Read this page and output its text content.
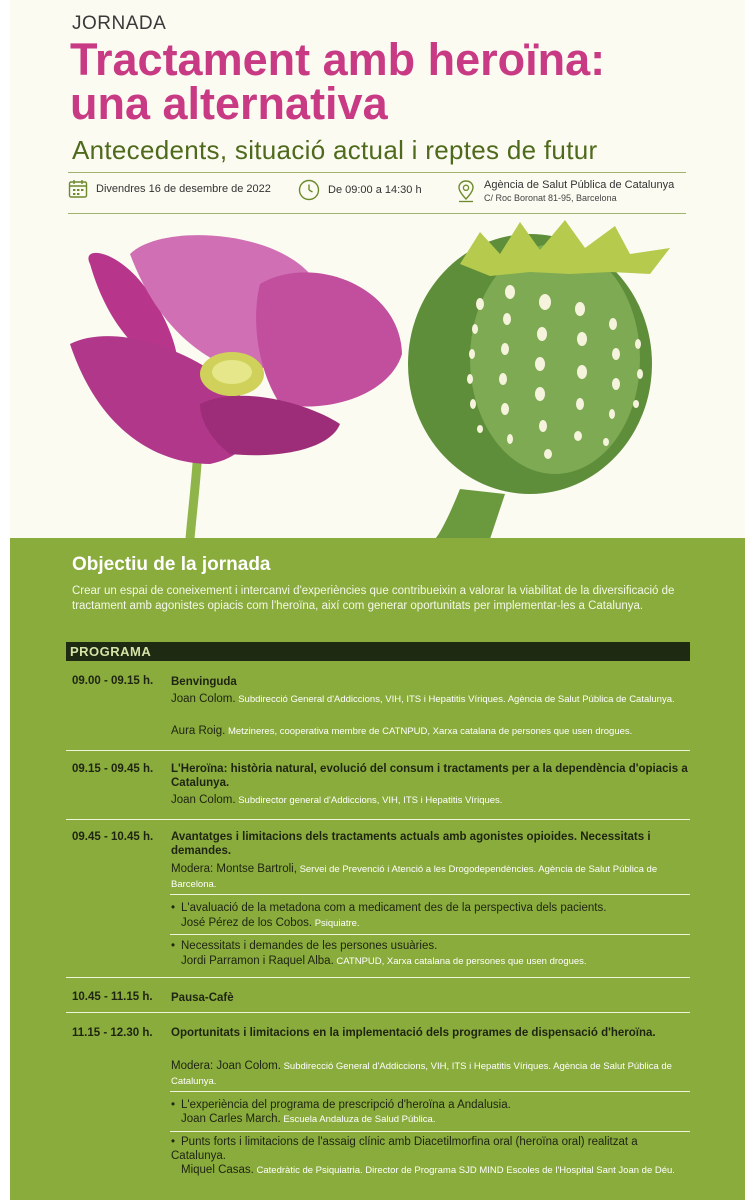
JORNADA
Tractament amb heroïna:
una alternativa
Antecedents, situació actual i reptes de futur
Divendres 16 de desembre de 2022	De 09:00 a 14:30 h	Agència de Salut Pública de Catalunya
C/ Roc Boronat 81-95, Barcelona
Objectiu de la jornada
Crear un espai de coneixement i intercanvi d'experiències que contribueixin a valorar la viabilitat de la diversificació de tractament amb agonistes opiacis com l'heroïna, així com generar oportunitats per implementar-les a Catalunya.
PROGRAMA
09.00 - 09.15 h. Benvinguda
Joan Colom. Subdirecció General d'Addiccions, VIH, ITS i Hepatitis Víriques. Agència de Salut Pública de Catalunya.
Aura Roig. Metzineres, cooperativa membre de CATNPUD, Xarxa catalana de persones que usen drogues.
09.15 - 09.45 h. L'Heroïna: història natural, evolució del consum i tractaments per a la dependència d'opiacis a Catalunya.
Joan Colom. Subdirector general d'Addiccions, VIH, ITS i Hepatitis Víriques.
09.45 - 10.45 h. Avantatges i limitacions dels tractaments actuals amb agonistes opioides. Necessitats i demandes.
Modera: Montse Bartroli, Servei de Prevenció i Atenció a les Drogodependències. Agència de Salut Pública de Barcelona.
• L'avaluació de la metadona com a medicament des de la perspectiva dels pacients.
José Pérez de los Cobos. Psiquiatre.
• Necessitats i demandes de les persones usuàries.
Jordi Parramon i Raquel Alba. CATNPUD, Xarxa catalana de persones que usen drogues.
10.45 - 11.15 h. Pausa-Cafè
11.15 - 12.30 h. Oportunitats i limitacions en la implementació dels programes de dispensació d'heroïna.
Modera: Joan Colom. Subdirecció General d'Addiccions, VIH, ITS i Hepatitis Víriques. Agència de Salut Pública de Catalunya.
• L'experiència del programa de prescripció d'heroïna a Andalusia.
Joan Carles March. Escuela Andaluza de Salud Pública.
• Punts forts i limitacions de l'assaig clínic amb Diacetilmorfina oral (heroïna oral) realitzat a Catalunya.
Miquel Casas. Catedràtic de Psiquiatria. Director de Programa SJD MIND Escoles de l'Hospital Sant Joan de Déu.
